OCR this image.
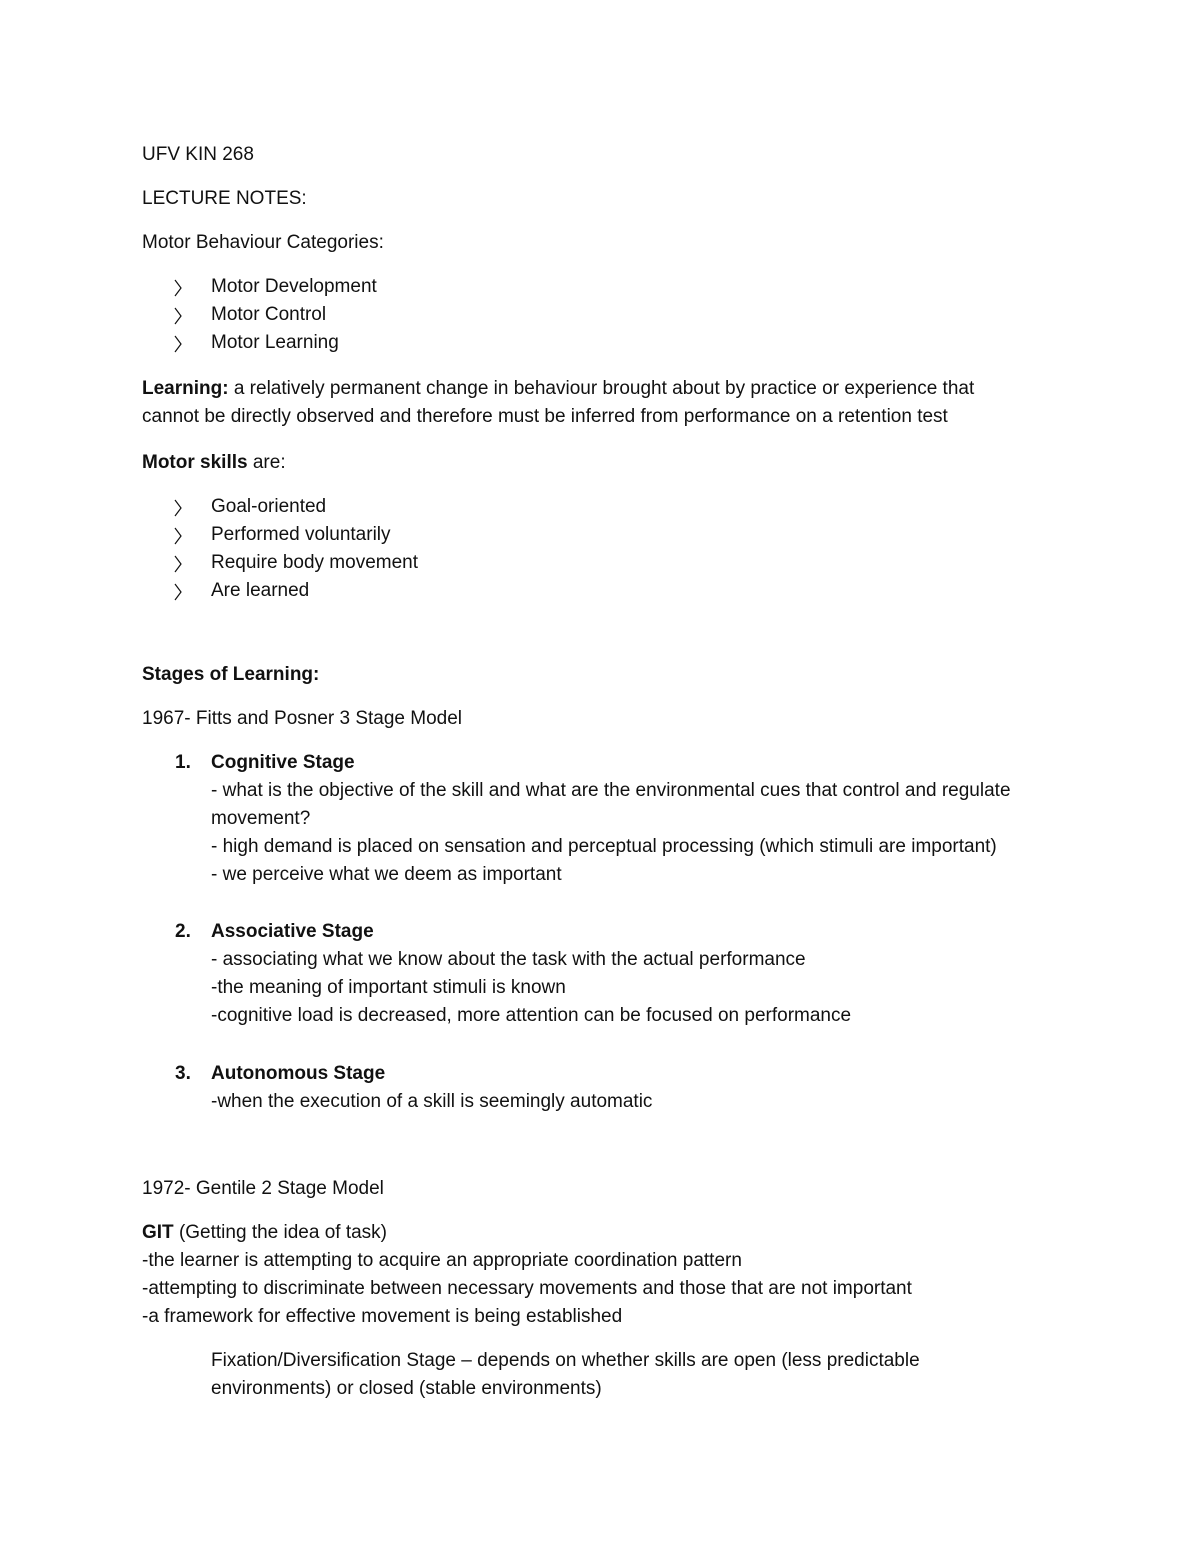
UFV KIN 268
LECTURE NOTES:
Motor Behaviour Categories:
Motor Development
Motor Control
Motor Learning
Learning: a relatively permanent change in behaviour brought about by practice or experience that
cannot be directly observed and therefore must be inferred from performance on a retention test
Motor skills are:
Goal-oriented
Performed voluntarily
Require body movement
Are learned
Stages of Learning:
1967- Fitts and Posner 3 Stage Model
1. Cognitive Stage
- what is the objective of the skill and what are the environmental cues that control and regulate
movement?
- high demand is placed on sensation and perceptual processing (which stimuli are important)
- we perceive what we deem as important
2. Associative Stage
- associating what we know about the task with the actual performance
-the meaning of important stimuli is known
-cognitive load is decreased, more attention can be focused on performance
3. Autonomous Stage
-when the execution of a skill is seemingly automatic
1972- Gentile 2 Stage Model
GIT (Getting the idea of task)
-the learner is attempting to acquire an appropriate coordination pattern
-attempting to discriminate between necessary movements and those that are not important
-a framework for effective movement is being established
Fixation/Diversification Stage – depends on whether skills are open (less predictable
environments) or closed (stable environments)
